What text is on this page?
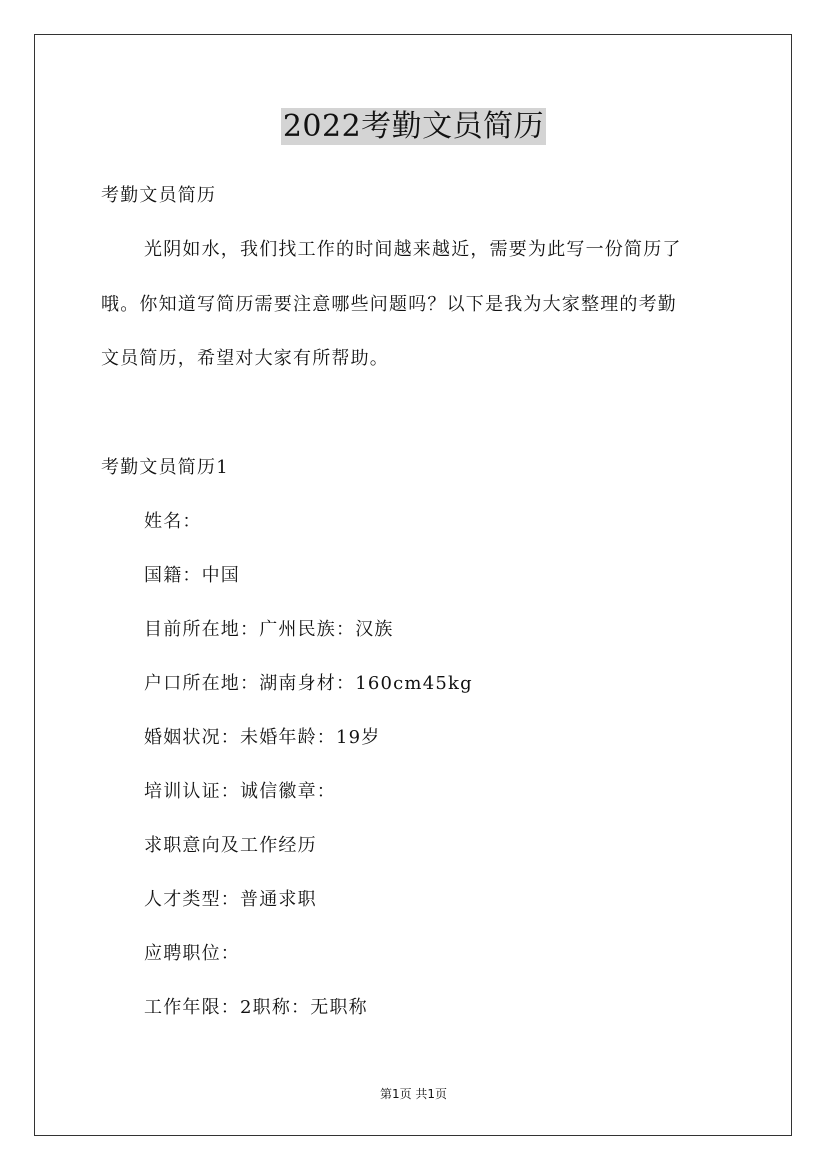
2022考勤文员简历
考勤文员简历
光阴如水，我们找工作的时间越来越近，需要为此写一份简历了
哦。你知道写简历需要注意哪些问题吗？以下是我为大家整理的考勤
文员简历，希望对大家有所帮助。
考勤文员简历1
姓名：
国籍：中国
目前所在地：广州民族：汉族
户口所在地：湖南身材：160cm45kg
婚姻状况：未婚年龄：19岁
培训认证：诚信徽章：
求职意向及工作经历
人才类型：普通求职
应聘职位：
工作年限：2职称：无职称
第1页 共1页
